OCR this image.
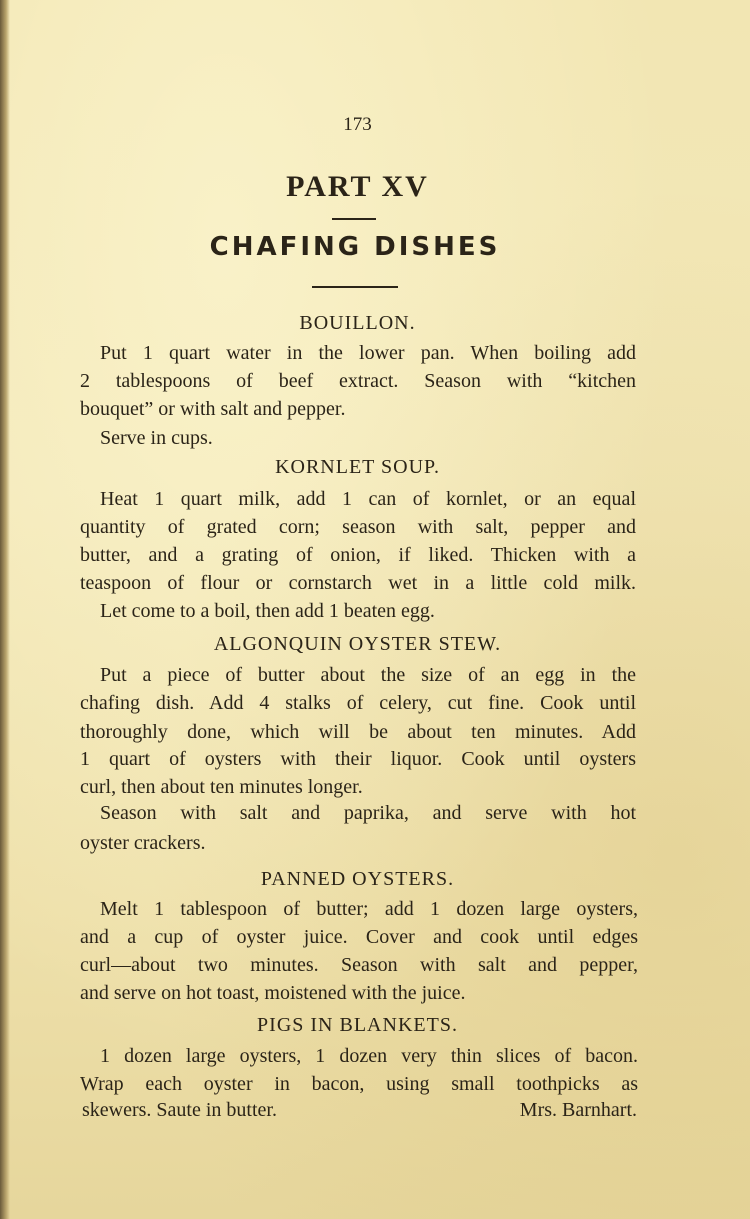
173
PART XV
CHAFING DISHES
BOUILLON.
Put 1 quart water in the lower pan. When boiling add
2 tablespoons of beef extract. Season with “kitchen
bouquet” or with salt and pepper.
Serve in cups.
KORNLET SOUP.
Heat 1 quart milk, add 1 can of kornlet, or an equal
quantity of grated corn; season with salt, pepper and
butter, and a grating of onion, if liked. Thicken with a
teaspoon of flour or cornstarch wet in a little cold milk.
Let come to a boil, then add 1 beaten egg.
ALGONQUIN OYSTER STEW.
Put a piece of butter about the size of an egg in the
chafing dish. Add 4 stalks of celery, cut fine. Cook until
thoroughly done, which will be about ten minutes. Add
1 quart of oysters with their liquor. Cook until oysters
curl, then about ten minutes longer.
Season with salt and paprika, and serve with hot
oyster crackers.
PANNED OYSTERS.
Melt 1 tablespoon of butter; add 1 dozen large oysters,
and a cup of oyster juice. Cover and cook until edges
curl—about two minutes. Season with salt and pepper,
and serve on hot toast, moistened with the juice.
PIGS IN BLANKETS.
1 dozen large oysters, 1 dozen very thin slices of bacon.
Wrap each oyster in bacon, using small toothpicks as
skewers. Saute in butter.	Mrs. Barnhart.
